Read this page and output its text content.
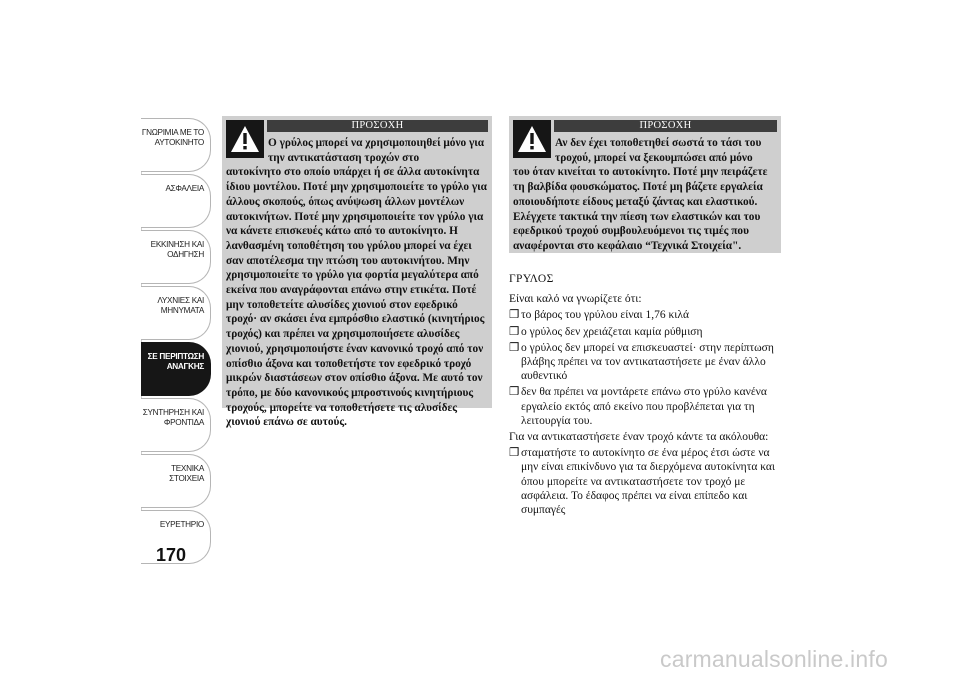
ΓΝΩΡΙΜΙΑ ΜΕ ΤΟ
ΑΥΤΟΚΙΝΗΤΟ
ΑΣΦΑΛΕΙΑ
ΕΚΚΙΝΗΣΗ ΚΑΙ
ΟΔΗΓΗΣΗ
ΛΥΧΝΙΕΣ ΚΑΙ
ΜΗΝΥΜΑΤΑ
ΣΕ ΠΕΡΙΠΤΩΣΗ
ΑΝΑΓΚΗΣ
ΣΥΝΤΗΡΗΣΗ ΚΑΙ
ΦΡΟΝΤΙΔΑ
ΤΕΧΝΙΚΑ ΣΤΟΙΧΕΙΑ
ΕΥΡΕΤΗΡΙΟ
170
ΠΡΟΣΟΧΗ
Ο γρύλος μπορεί να χρησιμοποιηθεί μόνο για την αντικατάσταση τροχών στο
αυτοκίνητο στο οποίο υπάρχει ή σε άλλα αυτοκίνητα ίδιου μοντέλου. Ποτέ μην χρησιμοποιείτε το γρύλο για άλλους σκοπούς, όπως ανύψωση άλλων μοντέλων αυτοκινήτων. Ποτέ μην χρησιμοποιείτε τον γρύλο για να κάνετε επισκευές κάτω από το αυτοκίνητο. Η λανθασμένη τοποθέτηση του γρύλου μπορεί να έχει σαν αποτέλεσμα την πτώση του αυτοκινήτου. Μην χρησιμοποιείτε το γρύλο για φορτία μεγαλύτερα από εκείνα που αναγράφονται επάνω στην ετικέτα. Ποτέ μην τοποθετείτε αλυσίδες χιονιού στον εφεδρικό τροχό· αν σκάσει ένα εμπρόσθιο ελαστικό (κινητήριος τροχός) και πρέπει να χρησιμοποιήσετε αλυσίδες χιονιού, χρησιμοποιήστε έναν κανονικό τροχό από τον οπίσθιο άξονα και τοποθετήστε τον εφεδρικό τροχό μικρών διαστάσεων στον οπίσθιο άξονα. Με αυτό τον τρόπο, με δύο κανονικούς μπροστινούς κινητήριους τροχούς, μπορείτε να τοποθετήσετε τις αλυσίδες χιονιού επάνω σε αυτούς.
ΠΡΟΣΟΧΗ
Αν δεν έχει τοποθετηθεί σωστά το τάσι του τροχού, μπορεί να ξεκουμπώσει από μόνο
του όταν κινείται το αυτοκίνητο. Ποτέ μην πειράζετε τη βαλβίδα φουσκώματος. Ποτέ μη βάζετε εργαλεία οποιουδήποτε είδους μεταξύ ζάντας και ελαστικού. Ελέγχετε τακτικά την πίεση των ελαστικών και του εφεδρικού τροχού συμβουλευόμενοι τις τιμές που αναφέρονται στο κεφάλαιο “Τεχνικά Στοιχεία".
ΓΡΥΛΟΣ

Είναι καλό να γνωρίζετε ότι:

❐ το βάρος του γρύλου είναι 1,76 κιλά
❐ ο γρύλος δεν χρειάζεται καμία ρύθμιση
❐ ο γρύλος δεν μπορεί να επισκευαστεί· στην περίπτωση βλάβης πρέπει να τον αντικαταστήσετε με έναν άλλο αυθεντικό
❐ δεν θα πρέπει να μοντάρετε επάνω στο γρύλο κανένα εργαλείο εκτός από εκείνο που προβλέπεται για τη λειτουργία του.

Για να αντικαταστήσετε έναν τροχό κάντε τα ακόλουθα:

❐ σταματήστε το αυτοκίνητο σε ένα μέρος έτσι ώστε να μην είναι επικίνδυνο για τα διερχόμενα αυτοκίνητα και όπου μπορείτε να αντικαταστήσετε τον τροχό με ασφάλεια. Το έδαφος πρέπει να είναι επίπεδο και συμπαγές
carmanualsonline.info
